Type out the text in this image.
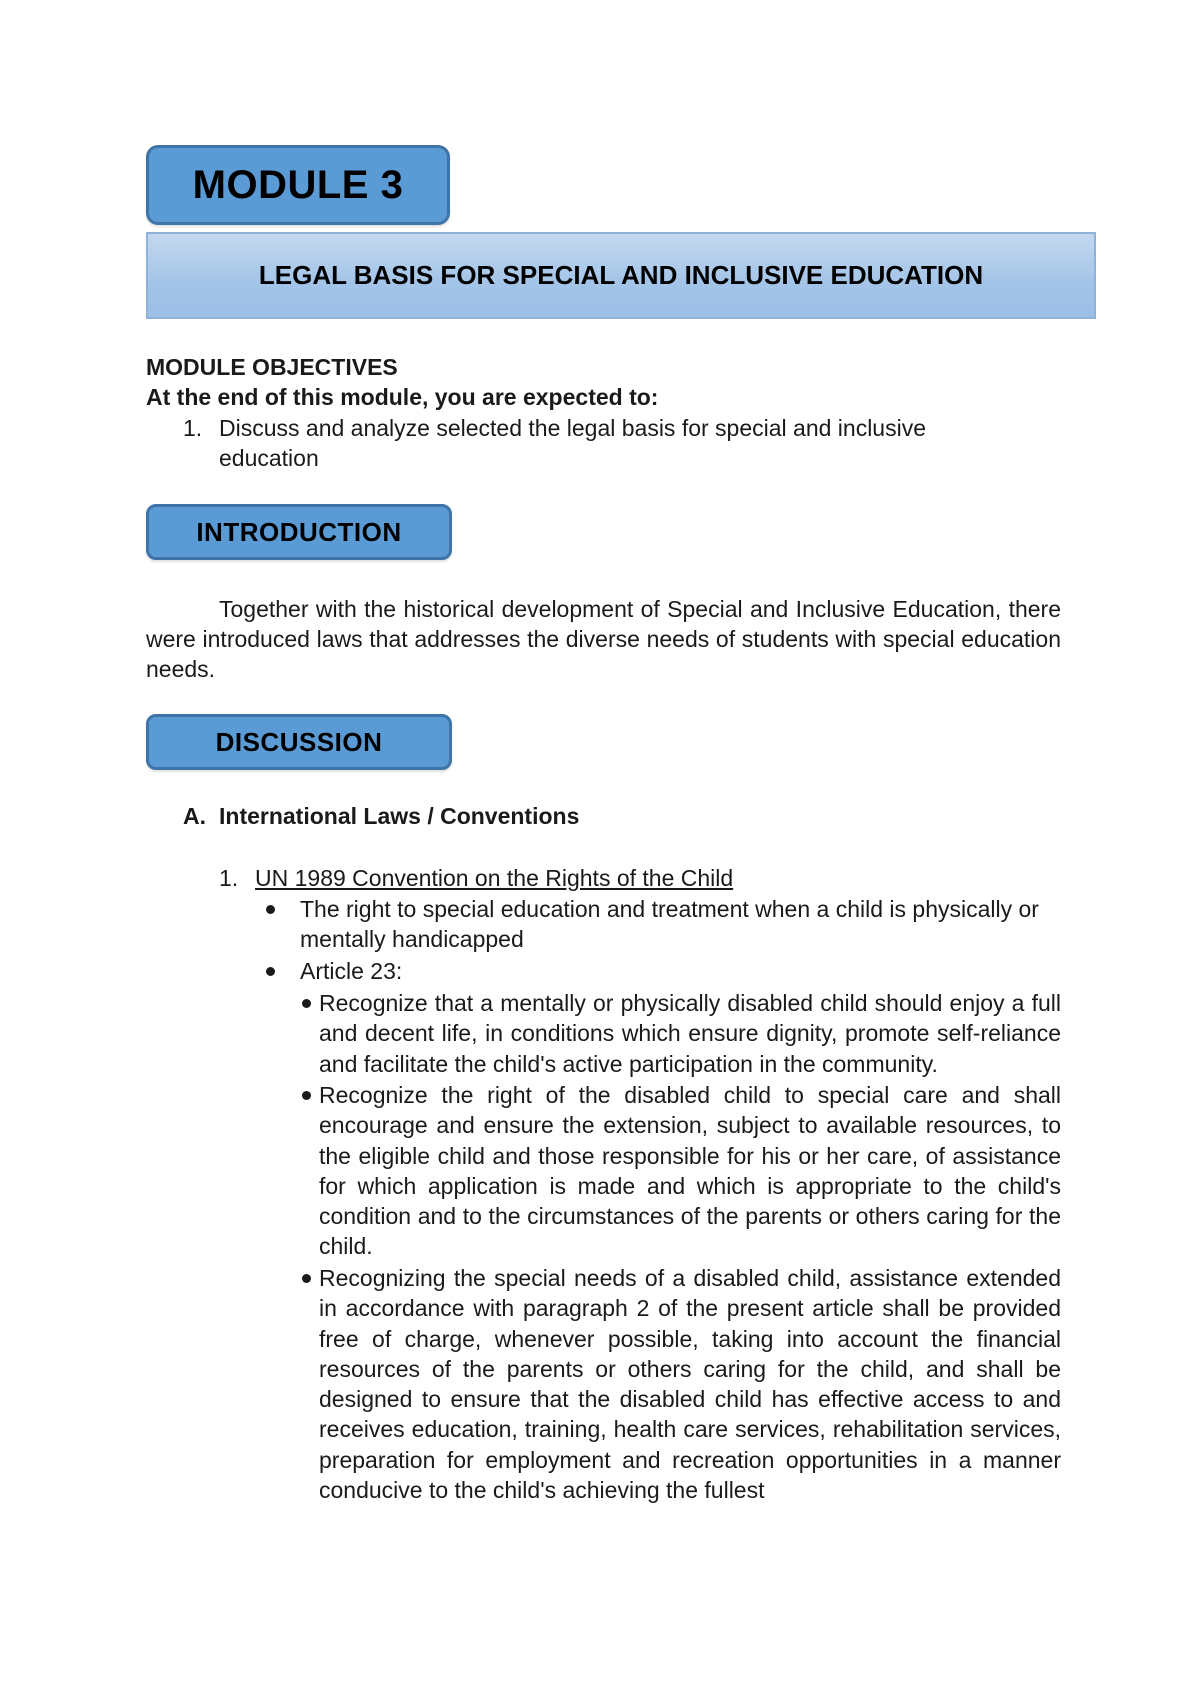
MODULE 3
LEGAL BASIS FOR SPECIAL AND INCLUSIVE EDUCATION
MODULE OBJECTIVES
At the end of this module, you are expected to:
1. Discuss and analyze selected the legal basis for special and inclusive education
INTRODUCTION
Together with the historical development of Special and Inclusive Education, there were introduced laws that addresses the diverse needs of students with special education needs.
DISCUSSION
A. International Laws / Conventions
1. UN 1989 Convention on the Rights of the Child
The right to special education and treatment when a child is physically or mentally handicapped
Article 23:
Recognize that a mentally or physically disabled child should enjoy a full and decent life, in conditions which ensure dignity, promote self-reliance and facilitate the child's active participation in the community.
Recognize the right of the disabled child to special care and shall encourage and ensure the extension, subject to available resources, to the eligible child and those responsible for his or her care, of assistance for which application is made and which is appropriate to the child's condition and to the circumstances of the parents or others caring for the child.
Recognizing the special needs of a disabled child, assistance extended in accordance with paragraph 2 of the present article shall be provided free of charge, whenever possible, taking into account the financial resources of the parents or others caring for the child, and shall be designed to ensure that the disabled child has effective access to and receives education, training, health care services, rehabilitation services, preparation for employment and recreation opportunities in a manner conducive to the child's achieving the fullest
